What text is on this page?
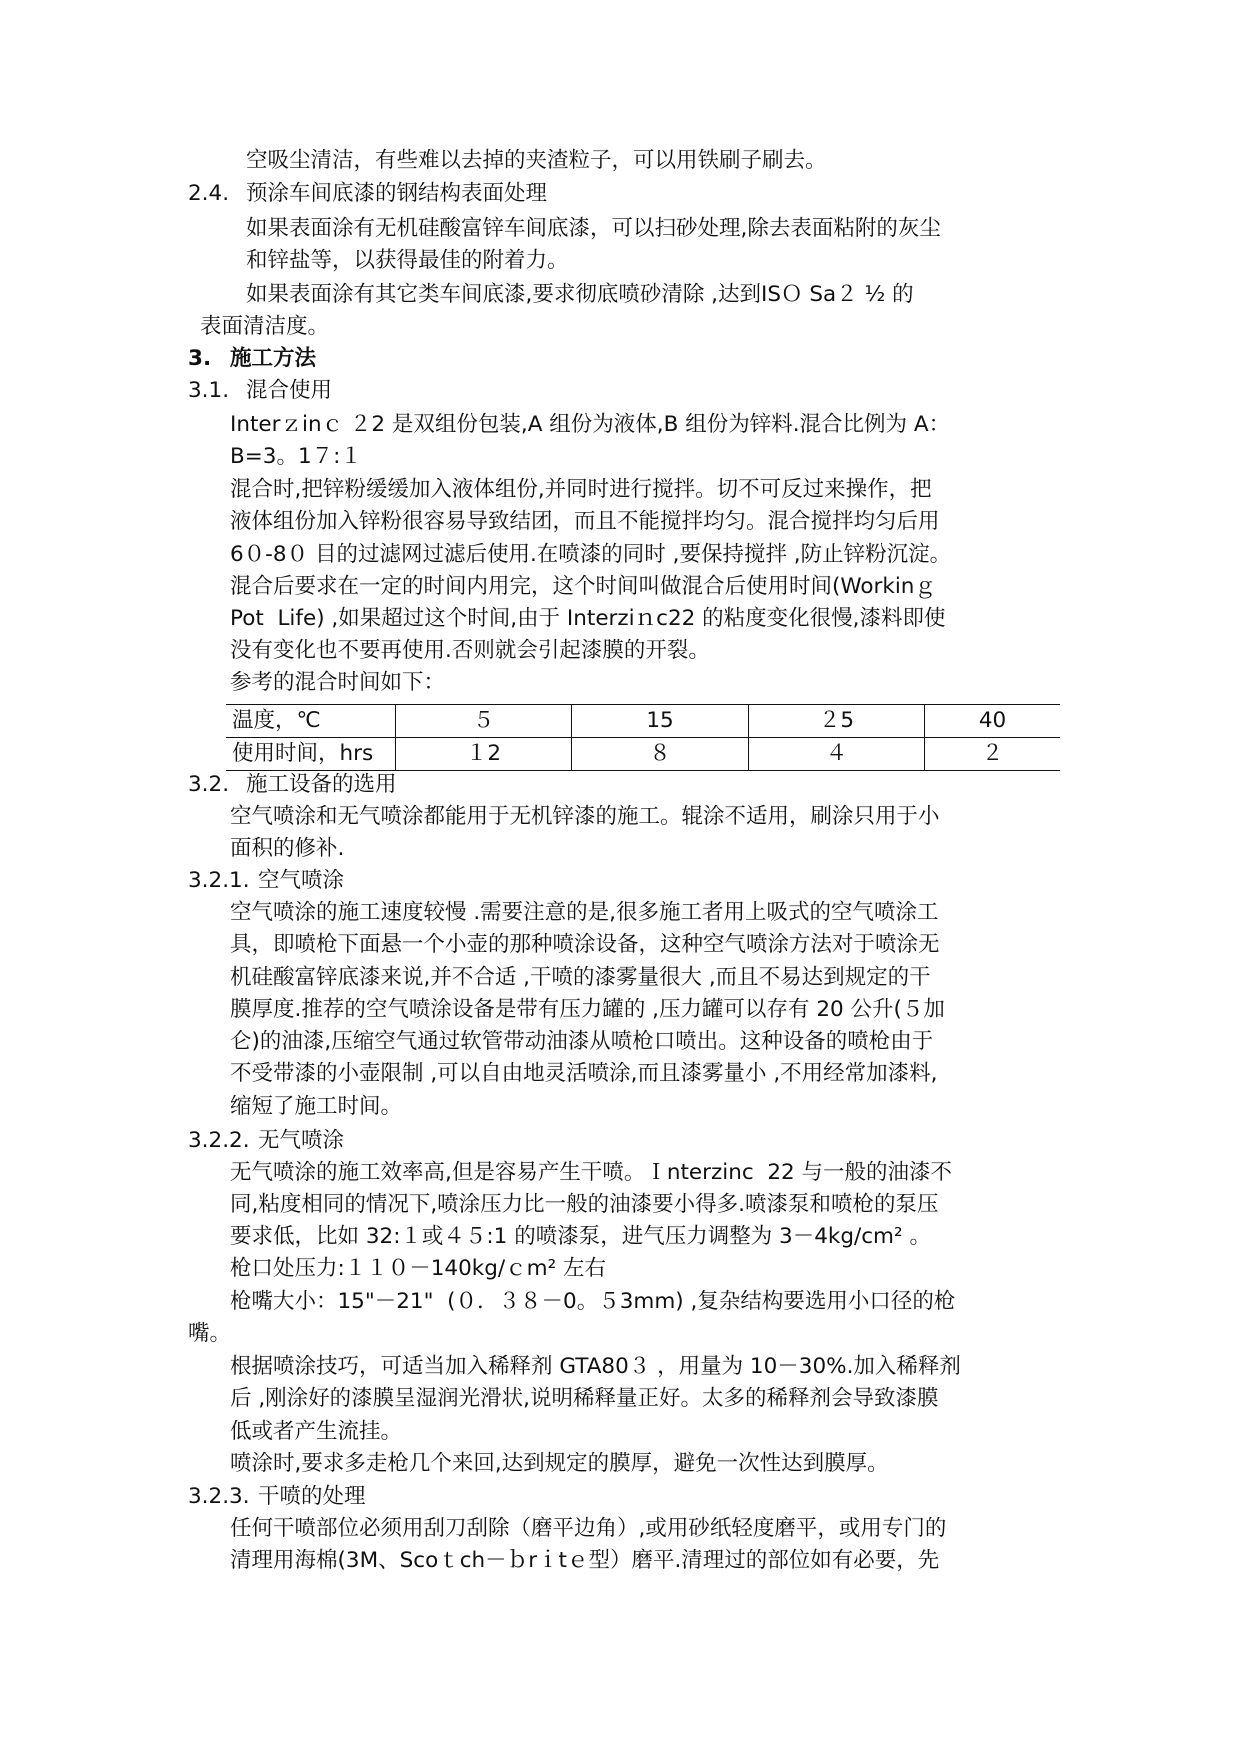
空吸尘清洁，有些难以去掉的夹渣粒子，可以用铁刷子刷去。
2.4. 预涂车间底漆的钢结构表面处理
如果表面涂有无机硅酸富锌车间底漆，可以扫砂处理,除去表面粘附的灰尘
和锌盐等，以获得最佳的附着力。
如果表面涂有其它类车间底漆,要求彻底喷砂清除 ,达到ISＯ Sa２ ½ 的
表面清洁度。
3. 施工方法
3.1. 混合使用
Interｚinｃ ２2 是双组份包装,A 组份为液体,B 组份为锌料.混合比例为 A：
B=3。1７:１
混合时,把锌粉缓缓加入液体组份,并同时进行搅拌。切不可反过来操作，把
液体组份加入锌粉很容易导致结团，而且不能搅拌均匀。混合搅拌均匀后用
6０-8０ 目的过滤网过滤后使用.在喷漆的同时 ,要保持搅拌 ,防止锌粉沉淀。
混合后要求在一定的时间内用完，这个时间叫做混合后使用时间(Workinｇ
Pot  Life) ,如果超过这个时间,由于 Interziｎc22 的粘度变化很慢,漆料即使
没有变化也不要再使用.否则就会引起漆膜的开裂。
参考的混合时间如下：
温度，℃	５	15	２5	40
使用时间，hrs	１2	８	４	２
3.2. 施工设备的选用
空气喷涂和无气喷涂都能用于无机锌漆的施工。辊涂不适用，刷涂只用于小
面积的修补.
3.2.1. 空气喷涂
空气喷涂的施工速度较慢 .需要注意的是,很多施工者用上吸式的空气喷涂工
具，即喷枪下面悬一个小壶的那种喷涂设备，这种空气喷涂方法对于喷涂无
机硅酸富锌底漆来说,并不合适 ,干喷的漆雾量很大 ,而且不易达到规定的干
膜厚度.推荐的空气喷涂设备是带有压力罐的 ,压力罐可以存有 20 公升(５加
仑)的油漆,压缩空气通过软管带动油漆从喷枪口喷出。这种设备的喷枪由于
不受带漆的小壶限制 ,可以自由地灵活喷涂,而且漆雾量小 ,不用经常加漆料,
缩短了施工时间。
3.2.2. 无气喷涂
无气喷涂的施工效率高,但是容易产生干喷。Ｉnterzinc  22 与一般的油漆不
同,粘度相同的情况下,喷涂压力比一般的油漆要小得多.喷漆泵和喷枪的泵压
要求低，比如 32:１或４５:1 的喷漆泵，进气压力调整为 3－4kg/cm² 。
枪口处压力:１１０－140kg/ｃm² 左右
枪嘴大小：15"－21"  (０．３８－0。５3mm) ,复杂结构要选用小口径的枪
嘴。
根据喷涂技巧，可适当加入稀释剂 GTA80３ ，用量为 10－30%.加入稀释剂
后 ,刚涂好的漆膜呈湿润光滑状,说明稀释量正好。太多的稀释剂会导致漆膜
低或者产生流挂。
喷涂时,要求多走枪几个来回,达到规定的膜厚，避免一次性达到膜厚。
3.2.3. 干喷的处理
任何干喷部位必须用刮刀刮除（磨平边角）,或用砂纸轻度磨平，或用专门的
清理用海棉(3M、Scoｔch－ｂrｉtｅ型）磨平.清理过的部位如有必要，先
